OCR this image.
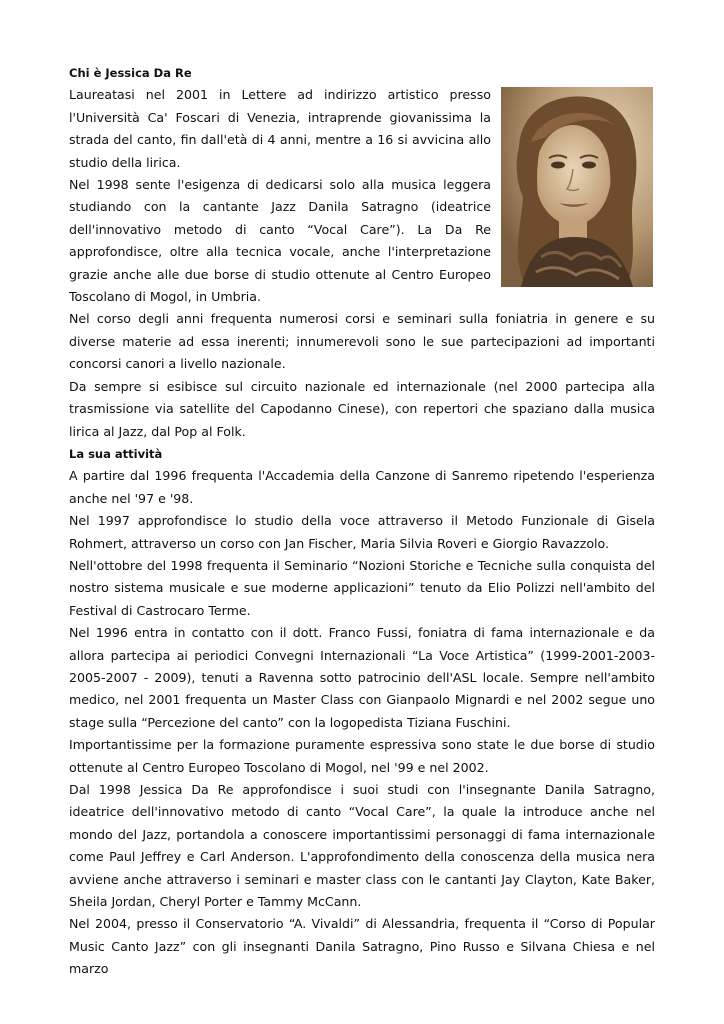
Chi è Jessica Da Re

Laureatasi nel 2001 in Lettere ad indirizzo artistico presso l'Università Ca' Foscari di Venezia, intraprende giovanissima la strada del canto, fin dall'età di 4 anni, mentre a 16 si avvicina allo studio della lirica.

Nel 1998 sente l'esigenza di dedicarsi solo alla musica leggera studiando con la cantante Jazz Danila Satragno (ideatrice dell'innovativo metodo di canto “Vocal Care”). La Da Re approfondisce, oltre alla tecnica vocale, anche l'interpretazione grazie anche alle due borse di studio ottenute al Centro Europeo Toscolano di Mogol, in Umbria.

Nel corso degli anni frequenta numerosi corsi e seminari sulla foniatria in genere e su diverse materie ad essa inerenti; innumerevoli sono le sue partecipazioni ad importanti concorsi canori a livello nazionale.

Da sempre si esibisce sul circuito nazionale ed internazionale (nel 2000 partecipa alla trasmissione via satellite del Capodanno Cinese), con repertori che spaziano dalla musica lirica al Jazz, dal Pop al Folk.

La sua attività

A partire dal 1996 frequenta l'Accademia della Canzone di Sanremo ripetendo l'esperienza anche nel '97 e '98.

Nel 1997 approfondisce lo studio della voce attraverso il Metodo Funzionale di Gisela Rohmert, attraverso un corso con Jan Fischer, Maria Silvia Roveri e Giorgio Ravazzolo.

Nell'ottobre del 1998 frequenta il Seminario “Nozioni Storiche e Tecniche sulla conquista del nostro sistema musicale e sue moderne applicazioni” tenuto da Elio Polizzi nell'ambito del Festival di Castrocaro Terme.

Nel 1996 entra in contatto con il dott. Franco Fussi, foniatra di fama internazionale e da allora partecipa ai periodici Convegni Internazionali “La Voce Artistica” (1999-2001-2003-2005-2007 - 2009), tenuti a Ravenna sotto patrocinio dell'ASL locale. Sempre nell'ambito medico, nel 2001 frequenta un Master Class con Gianpaolo Mignardi e nel 2002 segue uno stage sulla “Percezione del canto” con la logopedista Tiziana Fuschini.

Importantissime per la formazione puramente espressiva sono state le due borse di studio ottenute al Centro Europeo Toscolano di Mogol, nel '99 e nel 2002.

Dal 1998 Jessica Da Re approfondisce i suoi studi con l'insegnante Danila Satragno, ideatrice dell'innovativo metodo di canto “Vocal Care”, la quale la introduce anche nel mondo del Jazz, portandola a conoscere importantissimi personaggi di fama internazionale come Paul Jeffrey e Carl Anderson. L'approfondimento della conoscenza della musica nera avviene anche attraverso i seminari e master class con le cantanti Jay Clayton, Kate Baker, Sheila Jordan, Cheryl Porter e Tammy McCann.

Nel 2004, presso il Conservatorio “A. Vivaldi” di Alessandria, frequenta il “Corso di Popular Music Canto Jazz” con gli insegnanti Danila Satragno, Pino Russo e Silvana Chiesa e nel marzo
